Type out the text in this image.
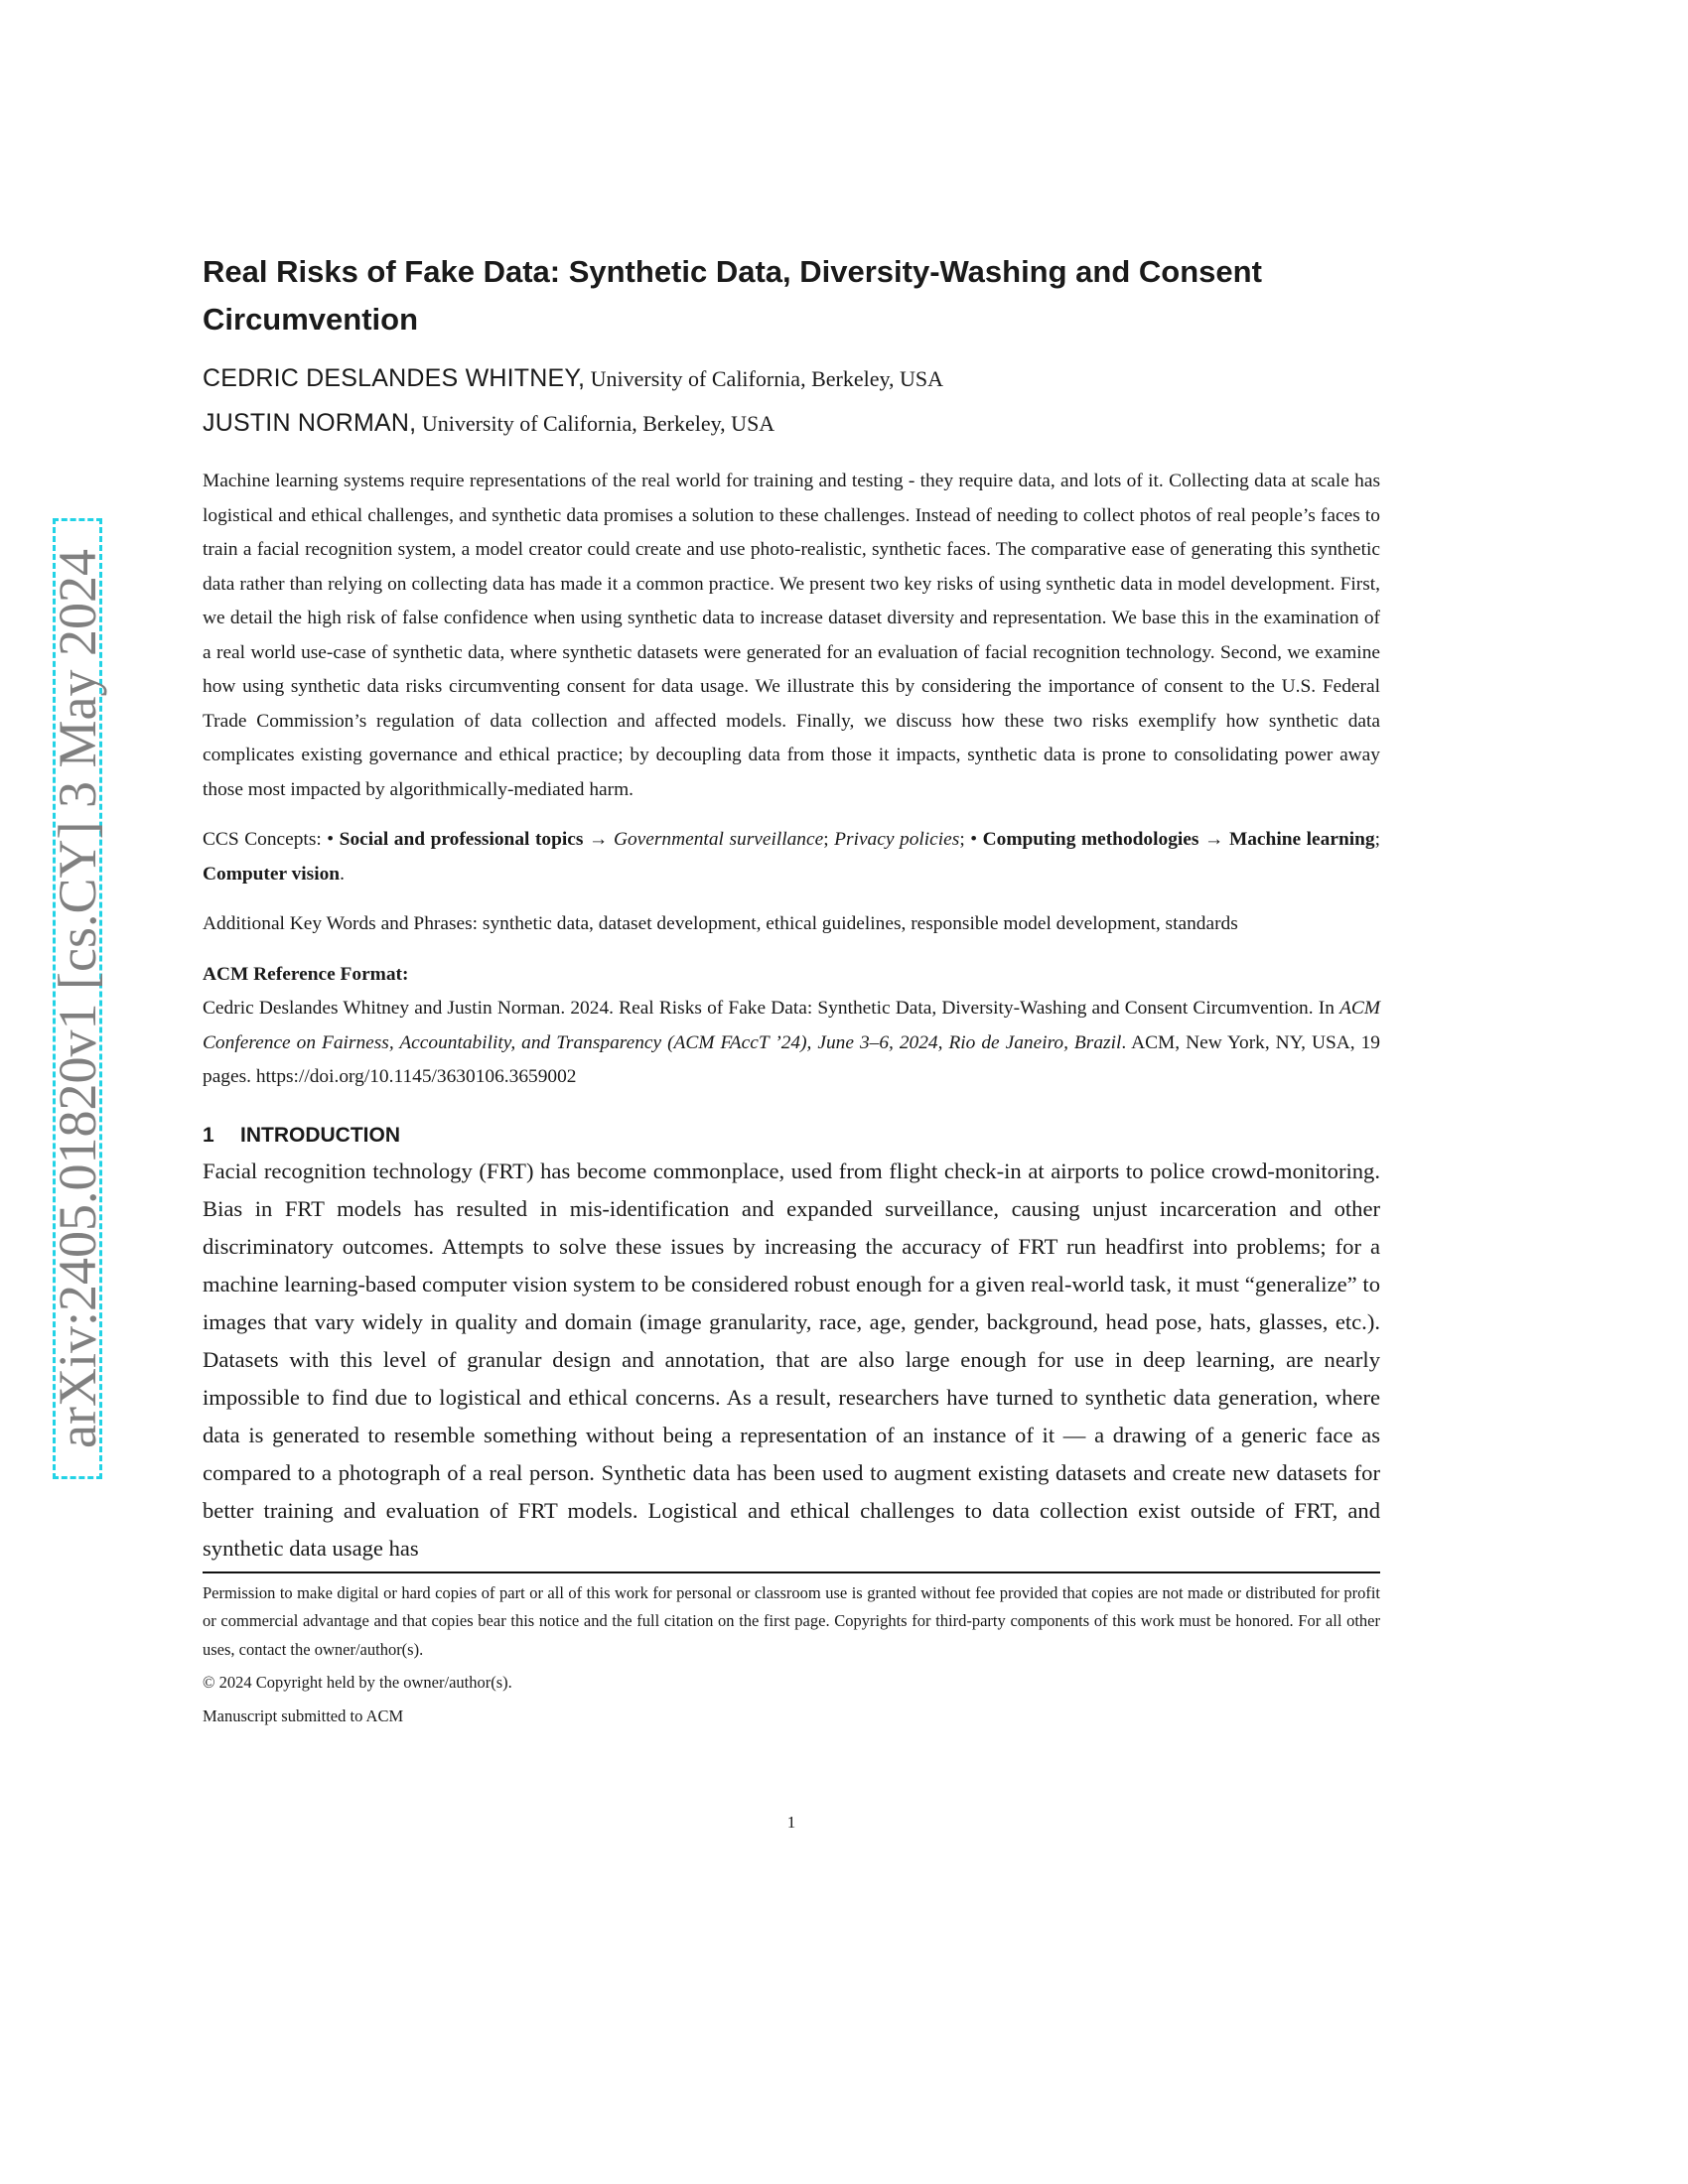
arXiv:2405.01820v1 [cs.CY] 3 May 2024
Real Risks of Fake Data: Synthetic Data, Diversity-Washing and Consent Circumvention
CEDRIC DESLANDES WHITNEY, University of California, Berkeley, USA
JUSTIN NORMAN, University of California, Berkeley, USA
Machine learning systems require representations of the real world for training and testing - they require data, and lots of it. Collecting data at scale has logistical and ethical challenges, and synthetic data promises a solution to these challenges. Instead of needing to collect photos of real people’s faces to train a facial recognition system, a model creator could create and use photo-realistic, synthetic faces. The comparative ease of generating this synthetic data rather than relying on collecting data has made it a common practice. We present two key risks of using synthetic data in model development. First, we detail the high risk of false confidence when using synthetic data to increase dataset diversity and representation. We base this in the examination of a real world use-case of synthetic data, where synthetic datasets were generated for an evaluation of facial recognition technology. Second, we examine how using synthetic data risks circumventing consent for data usage. We illustrate this by considering the importance of consent to the U.S. Federal Trade Commission’s regulation of data collection and affected models. Finally, we discuss how these two risks exemplify how synthetic data complicates existing governance and ethical practice; by decoupling data from those it impacts, synthetic data is prone to consolidating power away those most impacted by algorithmically-mediated harm.
CCS Concepts: • Social and professional topics → Governmental surveillance; Privacy policies; • Computing methodologies → Machine learning; Computer vision.
Additional Key Words and Phrases: synthetic data, dataset development, ethical guidelines, responsible model development, standards
ACM Reference Format:
Cedric Deslandes Whitney and Justin Norman. 2024. Real Risks of Fake Data: Synthetic Data, Diversity-Washing and Consent Circumvention. In ACM Conference on Fairness, Accountability, and Transparency (ACM FAccT ’24), June 3–6, 2024, Rio de Janeiro, Brazil. ACM, New York, NY, USA, 19 pages. https://doi.org/10.1145/3630106.3659002
1 INTRODUCTION
Facial recognition technology (FRT) has become commonplace, used from flight check-in at airports to police crowd-monitoring. Bias in FRT models has resulted in mis-identification and expanded surveillance, causing unjust incarceration and other discriminatory outcomes. Attempts to solve these issues by increasing the accuracy of FRT run headfirst into problems; for a machine learning-based computer vision system to be considered robust enough for a given real-world task, it must “generalize” to images that vary widely in quality and domain (image granularity, race, age, gender, background, head pose, hats, glasses, etc.). Datasets with this level of granular design and annotation, that are also large enough for use in deep learning, are nearly impossible to find due to logistical and ethical concerns. As a result, researchers have turned to synthetic data generation, where data is generated to resemble something without being a representation of an instance of it — a drawing of a generic face as compared to a photograph of a real person. Synthetic data has been used to augment existing datasets and create new datasets for better training and evaluation of FRT models. Logistical and ethical challenges to data collection exist outside of FRT, and synthetic data usage has

Permission to make digital or hard copies of part or all of this work for personal or classroom use is granted without fee provided that copies are not made or distributed for profit or commercial advantage and that copies bear this notice and the full citation on the first page. Copyrights for third-party components of this work must be honored. For all other uses, contact the owner/author(s).

© 2024 Copyright held by the owner/author(s).

Manuscript submitted to ACM

1
